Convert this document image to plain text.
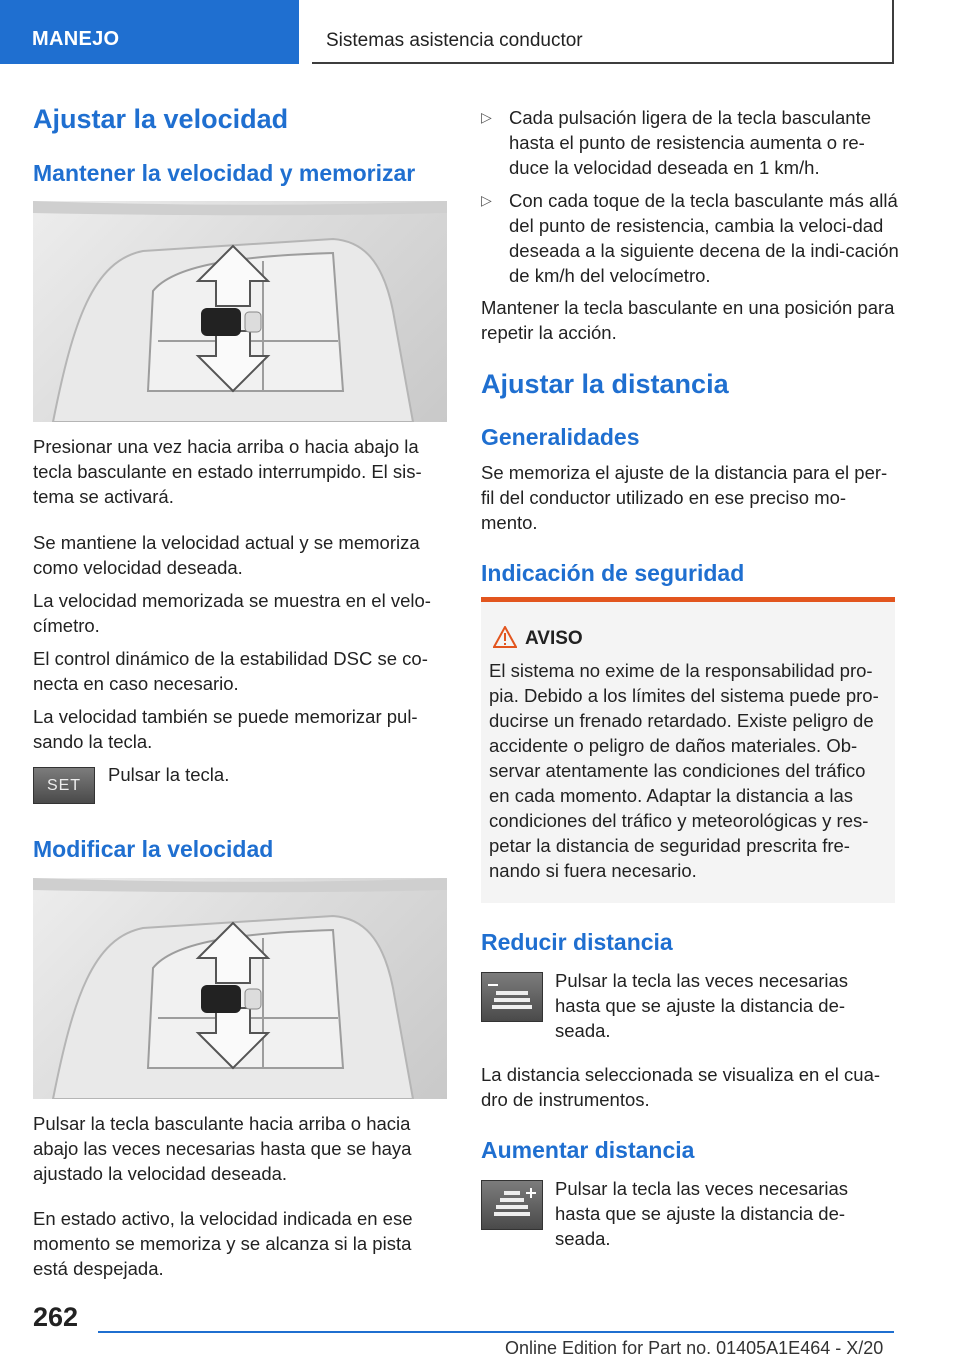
MANEJO	Sistemas asistencia conductor
Ajustar la velocidad
Mantener la velocidad y memorizar

Presionar una vez hacia arriba o hacia abajo la tecla basculante en estado interrumpido. El sis-tema se activará.

Se mantiene la velocidad actual y se memoriza como velocidad deseada.

La velocidad memorizada se muestra en el velo-címetro.

El control dinámico de la estabilidad DSC se co-necta en caso necesario.

La velocidad también se puede memorizar pul-sando la tecla.

SET

Pulsar la tecla.

Modificar la velocidad

Pulsar la tecla basculante hacia arriba o hacia abajo las veces necesarias hasta que se haya ajustado la velocidad deseada.

En estado activo, la velocidad indicada en ese momento se memoriza y se alcanza si la pista está despejada.

▷ Cada pulsación ligera de la tecla basculante hasta el punto de resistencia aumenta o re-duce la velocidad deseada en 1 km/h.
▷ Con cada toque de la tecla basculante más allá del punto de resistencia, cambia la veloci-dad deseada a la siguiente decena de la indi-cación de km/h del velocímetro.

Mantener la tecla basculante en una posición para repetir la acción.

Ajustar la distancia
Generalidades

Se memoriza el ajuste de la distancia para el per-fil del conductor utilizado en ese preciso mo-mento.

Indicación de seguridad
AVISO

El sistema no exime de la responsabilidad pro-pia. Debido a los límites del sistema puede pro-ducirse un frenado retardado. Existe peligro de accidente o peligro de daños materiales. Ob-servar atentamente las condiciones del tráfico en cada momento. Adaptar la distancia a las condiciones del tráfico y meteorológicas y res-petar la distancia de seguridad prescrita fre-nando si fuera necesario.

Reducir distancia

Pulsar la tecla las veces necesarias hasta que se ajuste la distancia de-seada.

La distancia seleccionada se visualiza en el cua-dro de instrumentos.

Aumentar distancia

Pulsar la tecla las veces necesarias hasta que se ajuste la distancia de-seada.

262
Online Edition for Part no. 01405A1E464 - X/20
